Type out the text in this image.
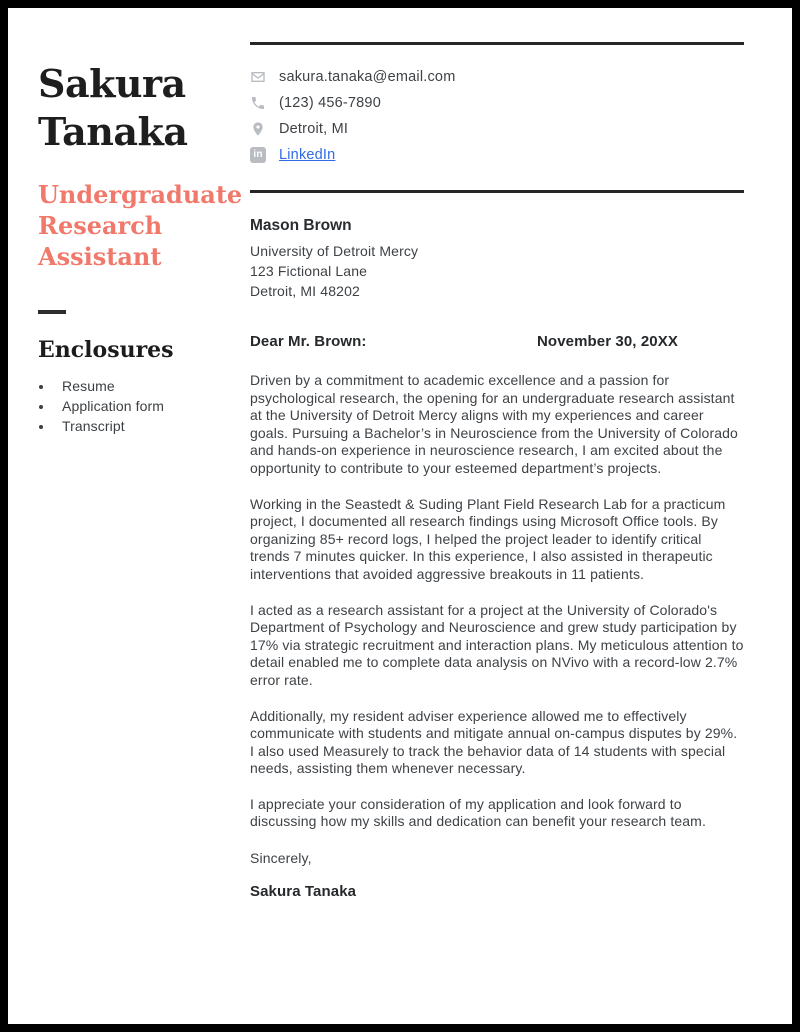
Sakura
Tanaka
Undergraduate
Research
Assistant
Enclosures
• Resume
• Application form
• Transcript
sakura.tanaka@email.com
(123) 456-7890
Detroit, MI
in LinkedIn

Mason Brown

University of Detroit Mercy
123 Fictional Lane
Detroit, MI 48202
Dear Mr. Brown:	November 30, 20XX

Driven by a commitment to academic excellence and a passion for psychological research, the opening for an undergraduate research assistant at the University of Detroit Mercy aligns with my experiences and career goals. Pursuing a Bachelor’s in Neuroscience from the University of Colorado and hands-on experience in neuroscience research, I am excited about the opportunity to contribute to your esteemed department’s projects.

Working in the Seastedt & Suding Plant Field Research Lab for a practicum project, I documented all research findings using Microsoft Office tools. By organizing 85+ record logs, I helped the project leader to identify critical trends 7 minutes quicker. In this experience, I also assisted in therapeutic interventions that avoided aggressive breakouts in 11 patients.

I acted as a research assistant for a project at the University of Colorado's Department of Psychology and Neuroscience and grew study participation by 17% via strategic recruitment and interaction plans. My meticulous attention to detail enabled me to complete data analysis on NVivo with a record-low 2.7% error rate.

Additionally, my resident adviser experience allowed me to effectively communicate with students and mitigate annual on-campus disputes by 29%. I also used Measurely to track the behavior data of 14 students with special needs, assisting them whenever necessary.

I appreciate your consideration of my application and look forward to discussing how my skills and dedication can benefit your research team.

Sincerely,

Sakura Tanaka
